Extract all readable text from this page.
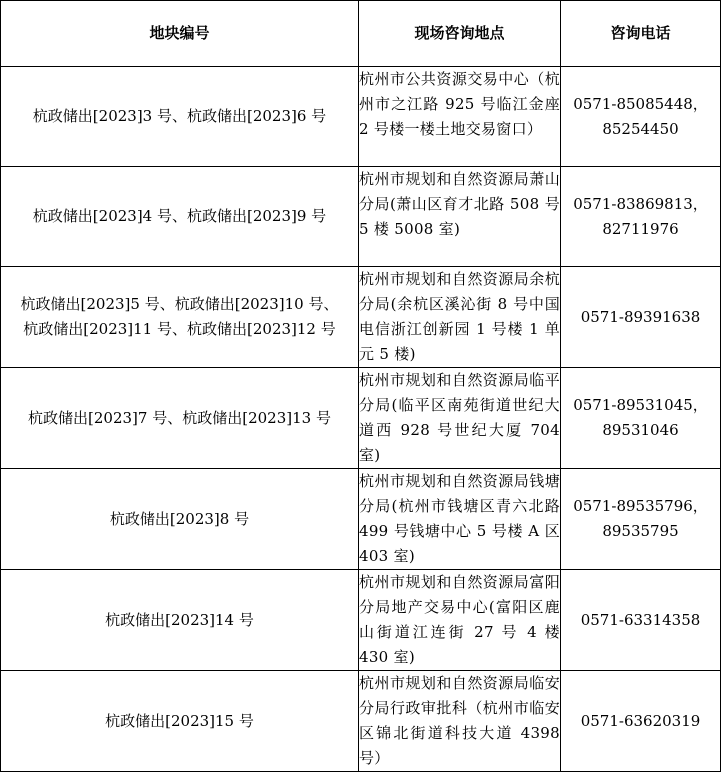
地块编号	现场咨询地点	咨询电话

杭政储出[2023]3 号、杭政储出[2023]6 号	杭州市公共资源交易中心（杭州市之江路 925 号临江金座 2 号楼一楼土地交易窗口）	0571-85085448，
85254450

杭政储出[2023]4 号、杭政储出[2023]9 号	杭州市规划和自然资源局萧山分局(萧山区育才北路 508 号 5 楼 5008 室)	0571-83869813，
82711976

杭政储出[2023]5 号、杭政储出[2023]10 号、
杭政储出[2023]11 号、杭政储出[2023]12 号	杭州市规划和自然资源局余杭分局(余杭区溪沁街 8 号中国电信浙江创新园 1 号楼 1 单元 5 楼)	0571-89391638

杭政储出[2023]7 号、杭政储出[2023]13 号	杭州市规划和自然资源局临平分局(临平区南苑街道世纪大道西 928 号世纪大厦 704 室)	0571-89531045，
89531046

杭政储出[2023]8 号	杭州市规划和自然资源局钱塘分局(杭州市钱塘区青六北路 499 号钱塘中心 5 号楼 A 区 403 室)	0571-89535796，
89535795

杭政储出[2023]14 号	杭州市规划和自然资源局富阳分局地产交易中心(富阳区鹿山街道江连街 27 号 4 楼 430 室)	0571-63314358

杭政储出[2023]15 号	杭州市规划和自然资源局临安分局行政审批科（杭州市临安区锦北街道科技大道 4398 号）	0571-63620319
